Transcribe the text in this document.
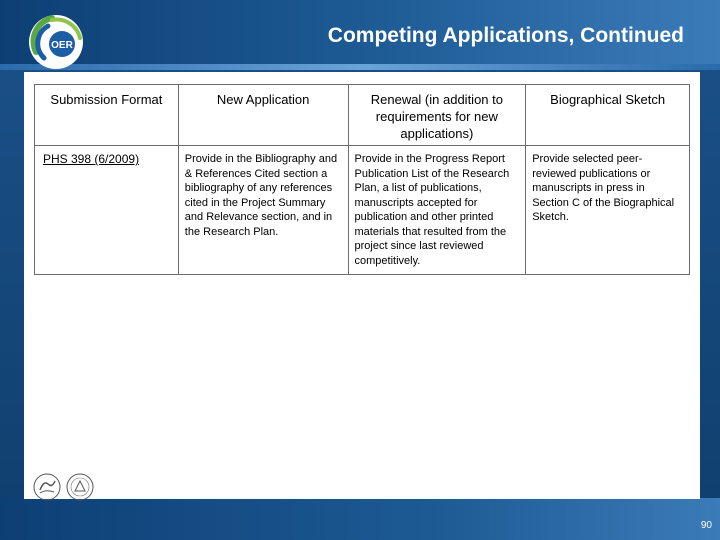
OER	Competing Applications, Continued
Submission Format	New Application	Renewal (in addition to requirements for new applications)	Biographical Sketch
PHS 398 (6/2009)	Provide in the Bibliography and & References Cited section a bibliography of any references cited in the Project Summary and Relevance section, and in the Research Plan.	Provide in the Progress Report Publication List of the Research Plan, a list of publications, manuscripts accepted for publication and other printed materials that resulted from the project since last reviewed competitively.	Provide selected peer-reviewed publications or manuscripts in press in Section C of the Biographical Sketch.
90
